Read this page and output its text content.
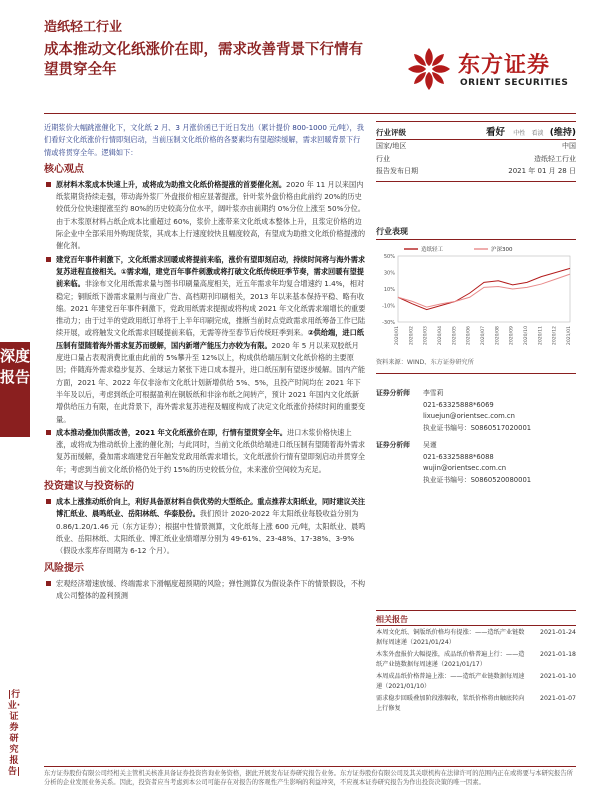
造纸轻工行业
成本推动文化纸涨价在即，需求改善背景下行情有望贯穿全年	东方证券
ORIENT SECURITIES
深度报告
|行业·证券研究报告|

近期浆价大幅跳涨催化下，文化纸 2 月、3 月涨价函已于近日发出（累计提价 800-1000 元/吨），我们看好文化纸涨价行情即刻启动，当前压制文化纸价格的各要素均有望超续缓解，需求回暖背景下行情或将贯穿全年。逻辑如下：

核心观点
原材料木浆成本快速上升，或将成为助推文化纸价格提涨的首要催化剂。2020 年 11 月以来国内纸浆期货持续走强，带动海外浆厂外盘报价相应显著提涨，针叶浆外盘价格由此前约 20%的历史较低分位快速提涨至约 80%的历史较高分位水平，阔叶浆亦由前期约 0%分位上涨至 50%分位。由于木浆原材料占纸企成本比重超过 60%，浆价上涨带来文化纸成本整体上升，且浆定价格的边际企业中全部采用外购现货浆，其成本上行速度较快且幅度较高，有望成为助推文化纸价格提涨的催化剂。
建党百年事件刺激下，文化纸需求回暖或将提前来临，涨价有望即刻启动，持续时间将与海外需求复苏进程直接相关。①需求端，建党百年事件刺激或将打破文化纸传统旺季节奏，需求回暖有望提前来临。非涂布文化用纸需求量与图书印刷量高度相关，近五年需求年均复合增速约 1.4%，相对稳定；铜版纸下游需求量则与商业广告、高档期刊印刷相关，2013 年以来基本保持平稳、略有收缩。2021 年建党百年事件刺激下，党政用纸需求提振或将构成 2021 年文化纸需求端增长的重要推动力；由于过半的党政用纸订单将于上半年印刷完成，推断当前时点党政需求用纸筹备工作已陆续开展，或将触发文化纸需求回暖提前来临，无需等待至春节后传统旺季到来。②供给端，进口纸压制有望随着海外需求复苏而缓解，国内新增产能压力亦较为有限。2020 年 5 月以来双胶纸月度进口量占表观消费比重由此前的 5%攀升至 12%以上，构成供给端压制文化纸价格的主要原因；伴随海外需求稳步复苏、全球运力紧张下进口成本提升，进口纸压制有望逐步缓解。国内产能方面，2021 年、2022 年仅非涂布文化纸计划新增供给 5%、5%，且投产时间均在 2021 年下半年及以后，考虑到纸企可根据盈利在铜版纸和非涂布纸之间转产，预计 2021 年国内文化纸新增供给压力有限，在此背景下，海外需求复苏进程及幅度构成了决定文化纸涨价持续时间的重要变量。
成本推动叠加供需改善，2021 年文化纸涨价在即，行情有望贯穿全年。进口木浆价格快速上涨，或将成为推动纸价上涨的催化剂；与此同时，当前文化纸供给端进口纸压制有望随着海外需求复苏而缓解，叠加需求端建党百年触发党政用纸需求增长，文化纸涨价行情有望即刻启动并贯穿全年；考虑到当前文化纸价格仍处于约 15%的历史较低分位，未来涨价空间较为充足。
投资建议与投资标的
成本上涨推动纸价向上，利好具备原材料自供优势的大型纸企。重点推荐太阳纸业，同时建议关注博汇纸业、晨鸣纸业、岳阳林纸、华泰股份。我们预计 2020-2022 年太阳纸业每股收益分别为 0.86/1.20/1.46 元（东方证券）；根据中性情景测算，文化纸每上涨 600 元/吨，太阳纸业、晨鸣纸业、岳阳林纸、太阳纸业、博汇纸业业绩增厚分别为 49-61%、23-48%、17-38%、3-9%（假设水浆库存周期为 6-12 个月）。
风险提示
宏观经济增速放缓、终端需求下滑幅度超预期的风险；弹性测算仅为假设条件下的情景假设，不构成公司整体的盈利预测
行业评级	看好 中性 看淡 (维持)
国家/地区	中国
行业	造纸轻工行业
报告发布日期	2021 年 01 月 28 日
行业表现
-30%
-10%
10%
30%
50%
2020/01 2020/02 2020/03 2020/04 2020/05 2020/06 2020/07 2020/08 2020/09 2020/10 2020/11 2020/12 2021/01
造纸轻工	沪深300
资料来源：WIND、东方证券研究所
证券分析师 李雪莉
021-63325888*6069
lixuejun@orientsec.com.cn
执业证书编号：S0860517020001
证券分析师 吴谨
021-63325888*6088
wujin@orientsec.com.cn
执业证书编号：S0860520080001
相关报告
本周文化纸、铜版纸价格均有提涨：——造纸产业链数据每周速递（2021/01/24）
2021-01-24
木浆外盘报价大幅提涨，成品纸价格普遍上行：——造纸产业链数据每周速递（2021/01/17）
2021-01-18
本周成品纸价格普遍上涨：——造纸产业链数据每周速递（2021/01/10）
2021-01-10
需求稳步回暖叠加阶段涨幅收，浆纸价格将由触底转向上行修复
2021-01-07
东方证券股份有限公司经相关主管机关核准具备证券投资咨询业务资格，据此开展发布证券研究报告业务。东方证券股份有限公司及其关联机构在法律许可的范围内正在或将要与本研究报告所分析的企业发展业务关系。因此，投资者应当考虑到本公司可能存在对报告的客观性产生影响的利益冲突，不应视本证券研究报告为作出投资决策的唯一因素。
